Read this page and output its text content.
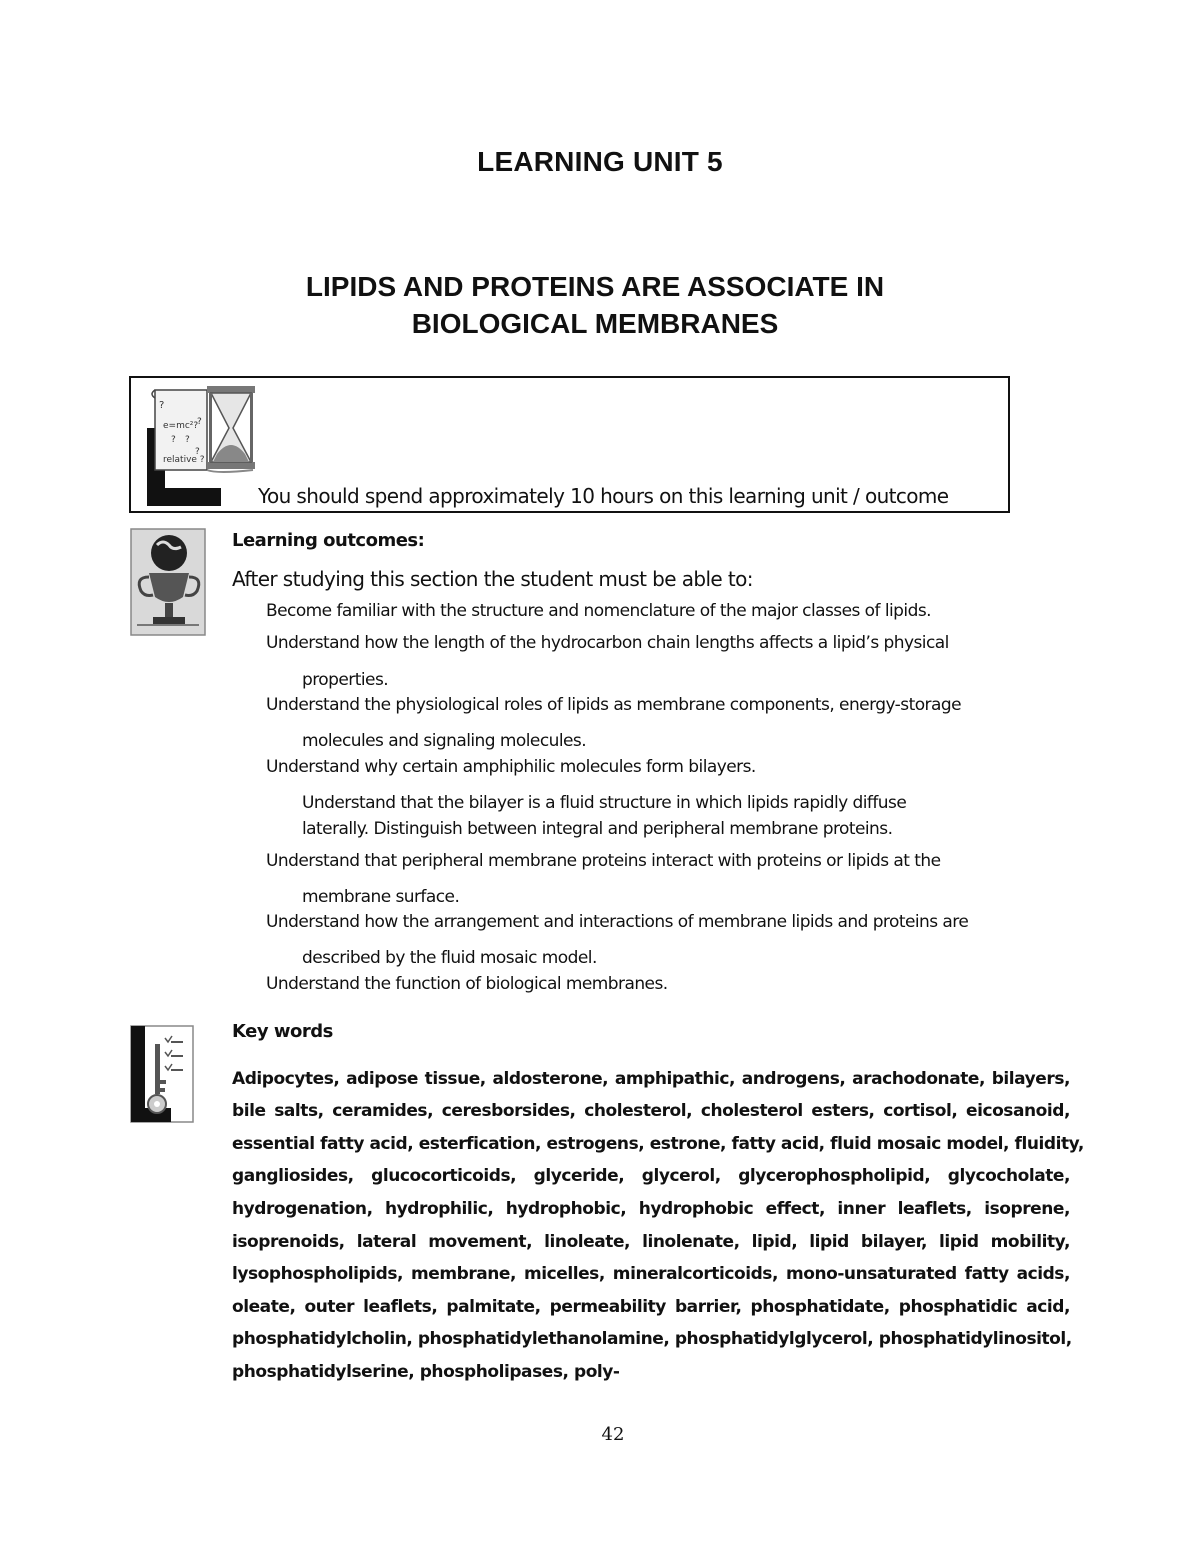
LEARNING UNIT 5
LIPIDS AND PROTEINS ARE ASSOCIATE IN
BIOLOGICAL MEMBRANES
?
e=mc²?
? ?
?
relative ?
?
You should spend approximately 10 hours on this learning unit / outcome
Learning outcomes:
After studying this section the student must be able to:
Become familiar with the structure and nomenclature of the major classes of lipids.
Understand how the length of the hydrocarbon chain lengths affects a lipid’s physical
properties.
Understand the physiological roles of lipids as membrane components, energy-storage
molecules and signaling molecules.
Understand why certain amphiphilic molecules form bilayers.
Understand that the bilayer is a fluid structure in which lipids rapidly diffuse
laterally. Distinguish between integral and peripheral membrane proteins.
Understand that peripheral membrane proteins interact with proteins or lipids at the
membrane surface.
Understand how the arrangement and interactions of membrane lipids and proteins are
described by the fluid mosaic model.
Understand the function of biological membranes.
Key words
Adipocytes, adipose tissue, aldosterone, amphipathic, androgens, arachodonate, bilayers,
bile salts, ceramides, ceresborsides, cholesterol, cholesterol esters, cortisol, eicosanoid,
essential fatty acid, esterfication, estrogens, estrone, fatty acid, fluid mosaic model, fluidity,
gangliosides, glucocorticoids, glyceride, glycerol, glycerophospholipid, glycocholate,
hydrogenation, hydrophilic, hydrophobic, hydrophobic effect, inner leaflets, isoprene,
isoprenoids, lateral movement, linoleate, linolenate, lipid, lipid bilayer, lipid mobility,
lysophospholipids, membrane, micelles, mineralcorticoids, mono-unsaturated fatty acids,
oleate, outer leaflets, palmitate, permeability barrier, phosphatidate, phosphatidic acid,
phosphatidylcholin, phosphatidylethanolamine, phosphatidylglycerol, phosphatidylinositol,
phosphatidylserine, phospholipases, poly-
42
